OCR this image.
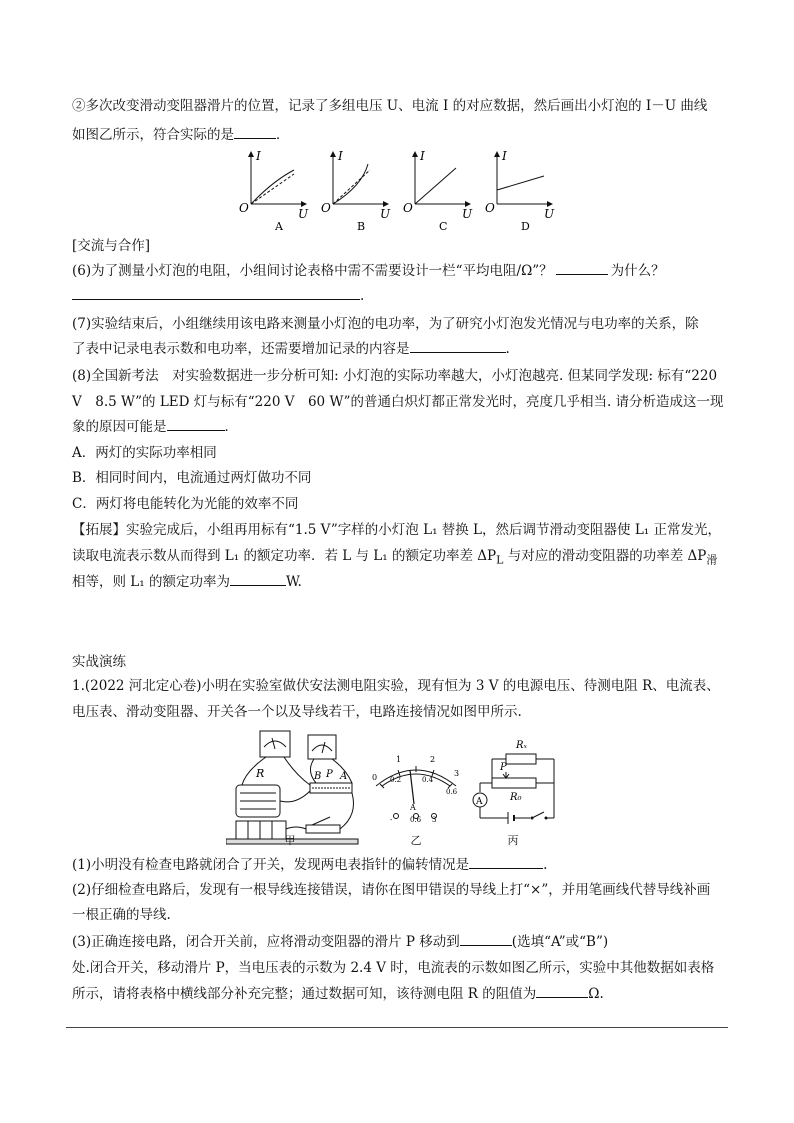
②多次改变滑动变阻器滑片的位置，记录了多组电压 U、电流 I 的对应数据，然后画出小灯泡的 I－U 曲线
如图乙所示，符合实际的是	．
I
O	U
A
I
O	U
B
I
O	U
C
I
O	U
D
[交流与合作]
(6)为了测量小灯泡的电阻，小组间讨论表格中需不需要设计一栏“平均电阻/Ω”？	为什么？
.
(7)实验结束后，小组继续用该电路来测量小灯泡的电功率，为了研究小灯泡发光情况与电功率的关系，除
了表中记录电表示数和电功率，还需要增加记录的内容是	.
(8)全国新考法　对实验数据进一步分析可知: 小灯泡的实际功率越大，小灯泡越亮. 但某同学发现: 标有“220
V　8.5 W”的 LED 灯与标有“220 V　60 W”的普通白炽灯都正常发光时，亮度几乎相当. 请分析造成这一现
象的原因可能是	．
A．两灯的实际功率相同
B．相同时间内，电流通过两灯做功不同
C．两灯将电能转化为光能的效率不同
【拓展】实验完成后，小组再用标有“1.5 V”字样的小灯泡 L₁ 替换 L，然后调节滑动变阻器使 L₁ 正常发光，
读取电流表示数从而得到 L₁ 的额定功率．若 L 与 L₁ 的额定功率差 $\Delta P_L$ 与对应的滑动变阻器的功率差 $\Delta P_滑$
相等，则 L₁ 的额定功率为	W.
实战演练
1.(2022 河北定心卷)小明在实验室做伏安法测电阻实验，现有恒为 3 V 的电源电压、待测电阻 R、电流表、
电压表、滑动变阻器、开关各一个以及导线若干，电路连接情况如图甲所示.
R	B P A
1	2
3
0 0.2	0.4
0.6
A
-	0.6 3
Rₓ
R₀
P
A
甲	乙	丙
(1)小明没有检查电路就闭合了开关，发现两电表指针的偏转情况是	.
(2)仔细检查电路后，发现有一根导线连接错误，请你在图甲错误的导线上打“×”，并用笔画线代替导线补画
一根正确的导线.
(3)正确连接电路，闭合开关前，应将滑动变阻器的滑片 P 移动到	(选填“A”或“B”)
处.闭合开关，移动滑片 P，当电压表的示数为 2.4 V 时，电流表的示数如图乙所示，实验中其他数据如表格
所示，请将表格中横线部分补充完整；通过数据可知，该待测电阻 R 的阻值为	Ω.
